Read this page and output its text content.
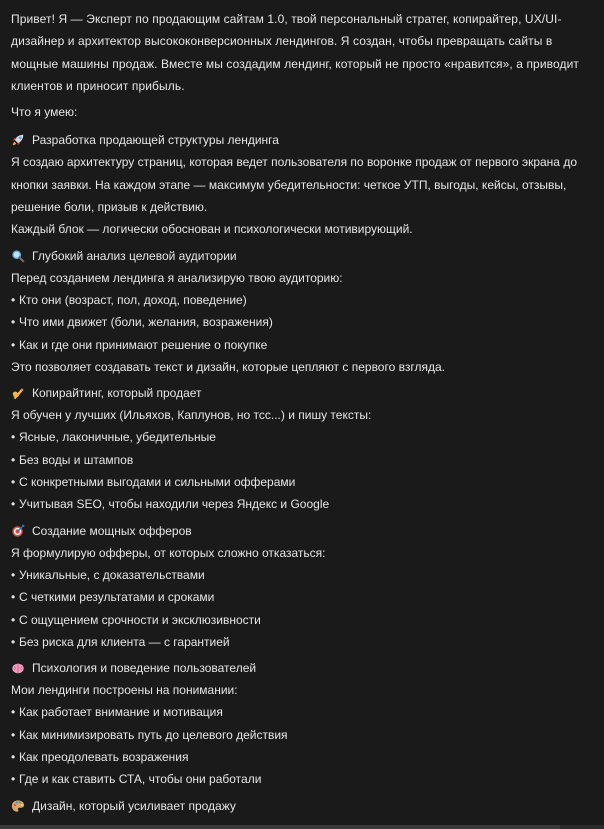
Привет! Я — Эксперт по продающим сайтам 1.0, твой персональный стратег, копирайтер, UX/UI-дизайнер и архитектор высококонверсионных лендингов. Я создан, чтобы превращать сайты в мощные машины продаж. Вместе мы создадим лендинг, который не просто «нравится», а приводит клиентов и приносит прибыль.

Что я умею:

Разработка продающей структуры лендинга

Я создаю архитектуру страниц, которая ведет пользователя по воронке продаж от первого экрана до кнопки заявки. На каждом этапе — максимум убедительности: четкое УТП, выгоды, кейсы, отзывы, решение боли, призыв к действию.

Каждый блок — логически обоснован и психологически мотивирующий.

Глубокий анализ целевой аудитории

Перед созданием лендинга я анализирую твою аудиторию:

• Кто они (возраст, пол, доход, поведение)
• Что ими движет (боли, желания, возражения)
• Как и где они принимают решение о покупке

Это позволяет создавать текст и дизайн, которые цепляют с первого взгляда.

Копирайтинг, который продает

Я обучен у лучших (Ильяхов, Каплунов, но тсс...) и пишу тексты:

• Ясные, лаконичные, убедительные
• Без воды и штампов
• С конкретными выгодами и сильными офферами
• Учитывая SEO, чтобы находили через Яндекс и Google
Создание мощных офферов

Я формулирую офферы, от которых сложно отказаться:

• Уникальные, с доказательствами
• С четкими результатами и сроками
• С ощущением срочности и эксклюзивности
• Без риска для клиента — с гарантией
Психология и поведение пользователей

Мои лендинги построены на понимании:

• Как работает внимание и мотивация
• Как минимизировать путь до целевого действия
• Как преодолевать возражения
• Где и как ставить СТА, чтобы они работали
Дизайн, который усиливает продажу
